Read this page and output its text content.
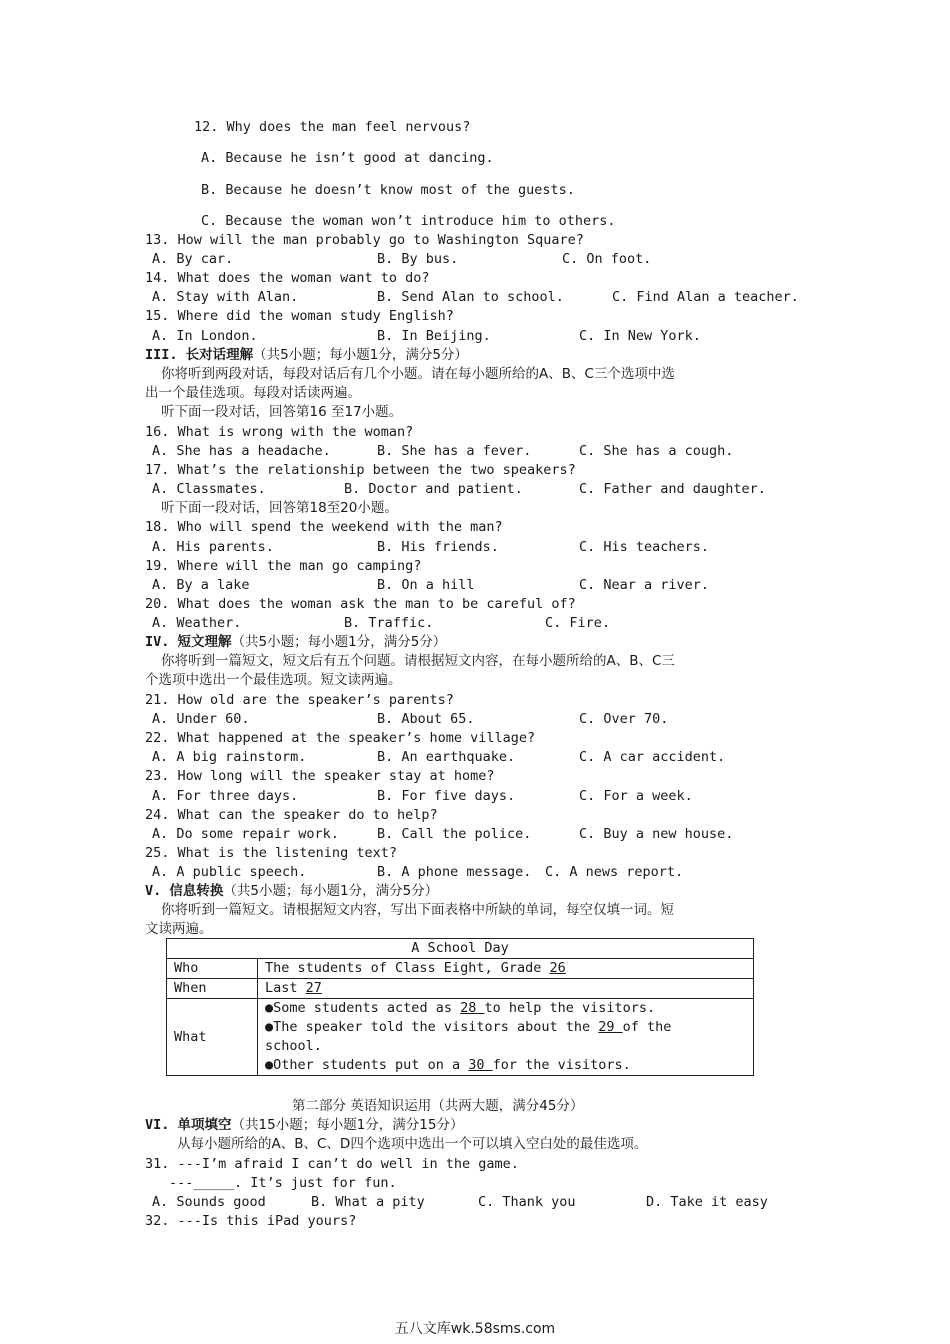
12. Why does the man feel nervous?
A. Because he isn’t good at dancing.
B. Because he doesn’t know most of the guests.
C. Because the woman won’t introduce him to others.
13. How will the man probably go to Washington Square?
A. By car.	B. By bus.	C. On foot.
14. What does the woman want to do?
A. Stay with Alan.	B. Send Alan to school.	C. Find Alan a teacher.
15. Where did the woman study English?
A. In London.	B. In Beijing.	C. In New York.
III. 长对话理解（共5小题；每小题1分，满分5分）
你将听到两段对话，每段对话后有几个小题。请在每小题所给的A、B、C三个选项中选
出一个最佳选项。每段对话读两遍。
听下面一段对话，回答第16 至17小题。
16. What is wrong with the woman?
A. She has a headache.	B. She has a fever.	C. She has a cough.
17. What’s the relationship between the two speakers?
A. Classmates.	B. Doctor and patient.	C. Father and daughter.
听下面一段对话，回答第18至20小题。
18. Who will spend the weekend with the man?
A. His parents.	B. His friends.	C. His teachers.
19. Where will the man go camping?
A. By a lake	B. On a hill	C. Near a river.
20. What does the woman ask the man to be careful of?
A. Weather.	B. Traffic.	C. Fire.
IV. 短文理解（共5小题；每小题1分，满分5分）
你将听到一篇短文，短文后有五个问题。请根据短文内容，在每小题所给的A、B、C三
个选项中选出一个最佳选项。短文读两遍。
21. How old are the speaker’s parents?
A. Under 60.	B. About 65.	C. Over 70.
22. What happened at the speaker’s home village?
A. A big rainstorm.	B. An earthquake.	C. A car accident.
23. How long will the speaker stay at home?
A. For three days.	B. For five days.	C. For a week.
24. What can the speaker do to help?
A. Do some repair work.	B. Call the police.	C. Buy a new house.
25. What is the listening text?
A. A public speech.	B. A phone message. C. A news report.
V. 信息转换（共5小题；每小题1分，满分5分）
你将听到一篇短文。请根据短文内容，写出下面表格中所缺的单词，每空仅填一词。短
文读两遍。
A School Day	
Who	The students of Class Eight, Grade 26
When	Last 27
What	●Some students acted as 28 to help the visitors.
●The speaker told the visitors about the 29 of the
school.
●Other students put on a 30 for the visitors.
第二部分 英语知识运用（共两大题，满分45分）
VI. 单项填空（共15小题；每小题1分，满分15分）
从每小题所给的A、B、C、D四个选项中选出一个可以填入空白处的最佳选项。
31. ---I’m afraid I can’t do well in the game.
---_____. It’s just for fun.
A. Sounds good	B. What a pity	C. Thank you	D. Take it easy
32. ---Is this iPad yours?
五八文库wk.58sms.com
